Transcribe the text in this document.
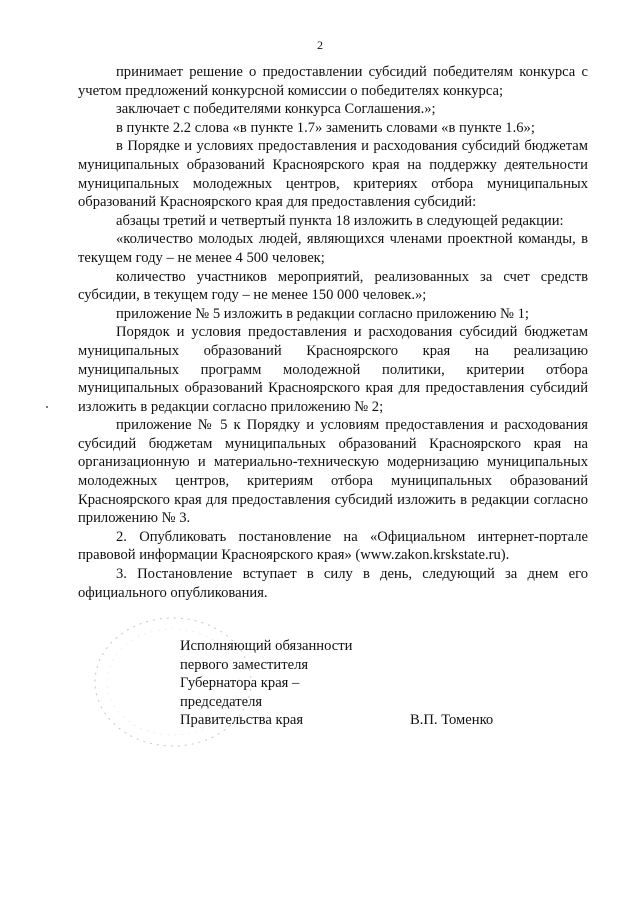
2

принимает решение о предоставлении субсидий победителям конкурса с учетом предложений конкурсной комиссии о победителях конкурса;

заключает с победителями конкурса Соглашения.»;

в пункте 2.2 слова «в пункте 1.7» заменить словами «в пункте 1.6»;

в Порядке и условиях предоставления и расходования субсидий бюджетам муниципальных образований Красноярского края на поддержку деятельности муниципальных молодежных центров, критериях отбора муниципальных образований Красноярского края для предоставления субсидий:

абзацы третий и четвертый пункта 18 изложить в следующей редакции:

«количество молодых людей, являющихся членами проектной команды, в текущем году – не менее 4 500 человек;

количество участников мероприятий, реализованных за счет средств субсидии, в текущем году – не менее 150 000 человек.»;

приложение № 5 изложить в редакции согласно приложению № 1;

Порядок и условия предоставления и расходования субсидий бюджетам муниципальных образований Красноярского края на реализацию муниципальных программ молодежной политики, критерии отбора муниципальных образований Красноярского края для предоставления субсидий изложить в редакции согласно приложению № 2;

приложение № 5 к Порядку и условиям предоставления и расходования субсидий бюджетам муниципальных образований Красноярского края на организационную и материально-техническую модернизацию муниципальных молодежных центров, критериям отбора муниципальных образований Красноярского края для предоставления субсидий изложить в редакции согласно приложению № 3.

2. Опубликовать постановление на «Официальном интернет-портале правовой информации Красноярского края» (www.zakon.krskstate.ru).

3. Постановление вступает в силу в день, следующий за днем его официального опубликования.

Исполняющий обязанности
первого заместителя
Губернатора края –
председателя
Правительства края	В.П. Томенко
